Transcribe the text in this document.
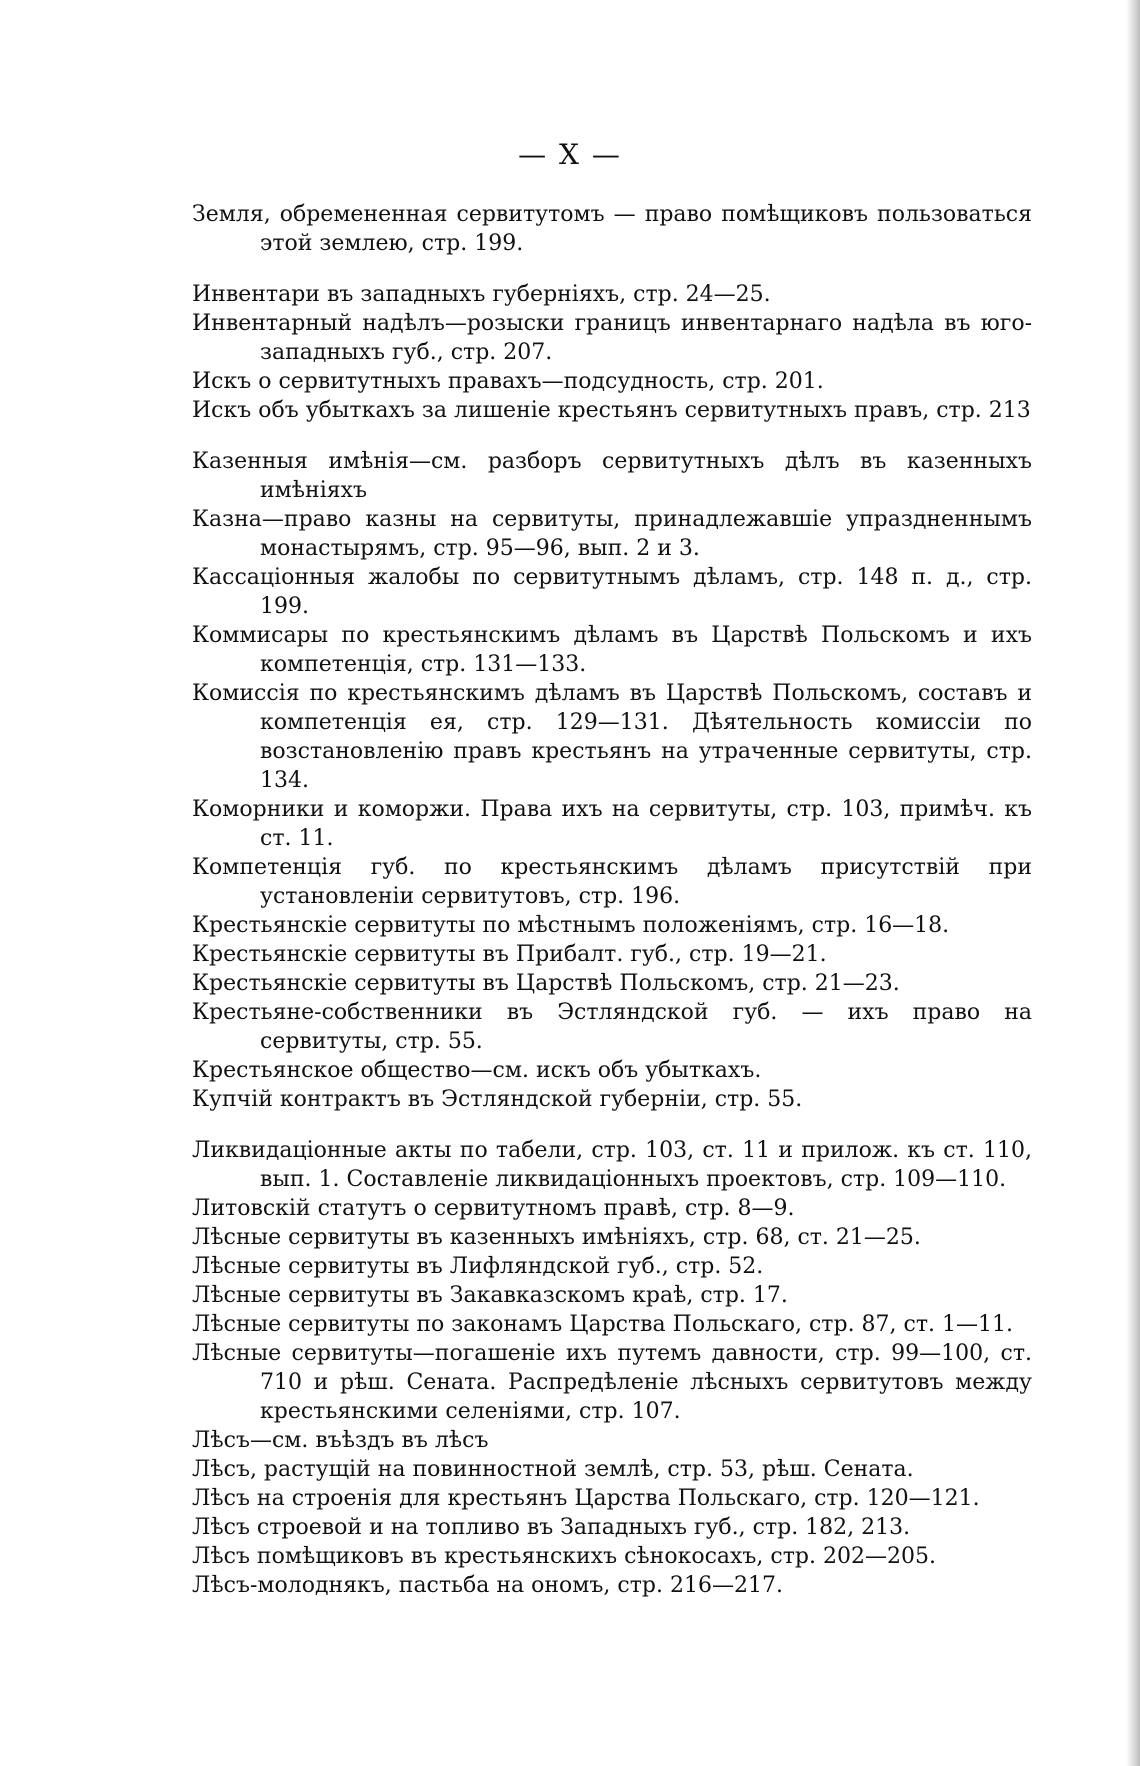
— X —

Земля, обремененная сервитутомъ — право помѣщиковъ пользоваться этой землею, стр. 199.

Инвентари въ западныхъ губерніяхъ, стр. 24—25.

Инвентарный надѣлъ—розыски границъ инвентарнаго надѣла въ юго-западныхъ губ., стр. 207.

Искъ о сервитутныхъ правахъ—подсудность, стр. 201.

Искъ объ убыткахъ за лишеніе крестьянъ сервитутныхъ правъ, стр. 213

Казенныя имѣнія—см. разборъ сервитутныхъ дѣлъ въ казенныхъ имѣніяхъ

Казна—право казны на сервитуты, принадлежавшіе упраздненнымъ монастырямъ, стр. 95—96, вып. 2 и 3.

Кассаціонныя жалобы по сервитутнымъ дѣламъ, стр. 148 п. д., стр. 199.

Коммисары по крестьянскимъ дѣламъ въ Царствѣ Польскомъ и ихъ компетенція, стр. 131—133.

Комиссія по крестьянскимъ дѣламъ въ Царствѣ Польскомъ, составъ и компетенція ея, стр. 129—131. Дѣятельность комиссіи по возстановленію правъ крестьянъ на утраченные сервитуты, стр. 134.

Коморники и коморжи. Права ихъ на сервитуты, стр. 103, примѣч. къ ст. 11.

Компетенція губ. по крестьянскимъ дѣламъ присутствій при установленіи сервитутовъ, стр. 196.

Крестьянскіе сервитуты по мѣстнымъ положеніямъ, стр. 16—18.

Крестьянскіе сервитуты въ Прибалт. губ., стр. 19—21.

Крестьянскіе сервитуты въ Царствѣ Польскомъ, стр. 21—23.

Крестьяне-собственники въ Эстляндской губ. — ихъ право на сервитуты, стр. 55.

Крестьянское общество—см. искъ объ убыткахъ.

Купчій контрактъ въ Эстляндской губерніи, стр. 55.

Ликвидаціонные акты по табели, стр. 103, ст. 11 и прилож. къ ст. 110, вып. 1. Составленіе ликвидаціонныхъ проектовъ, стр. 109—110.

Литовскій статутъ о сервитутномъ правѣ, стр. 8—9.

Лѣсные сервитуты въ казенныхъ имѣніяхъ, стр. 68, ст. 21—25.

Лѣсные сервитуты въ Лифляндской губ., стр. 52.

Лѣсные сервитуты въ Закавказскомъ краѣ, стр. 17.

Лѣсные сервитуты по законамъ Царства Польскаго, стр. 87, ст. 1—11.

Лѣсные сервитуты—погашеніе ихъ путемъ давности, стр. 99—100, ст. 710 и рѣш. Сената. Распредѣленіе лѣсныхъ сервитутовъ между крестьянскими селеніями, стр. 107.

Лѣсъ—см. въѣздъ въ лѣсъ

Лѣсъ, растущій на повинностной землѣ, стр. 53, рѣш. Сената.

Лѣсъ на строенія для крестьянъ Царства Польскаго, стр. 120—121.

Лѣсъ строевой и на топливо въ Западныхъ губ., стр. 182, 213.

Лѣсъ помѣщиковъ въ крестьянскихъ сѣнокосахъ, стр. 202—205.

Лѣсъ-молоднякъ, пастьба на ономъ, стр. 216—217.
